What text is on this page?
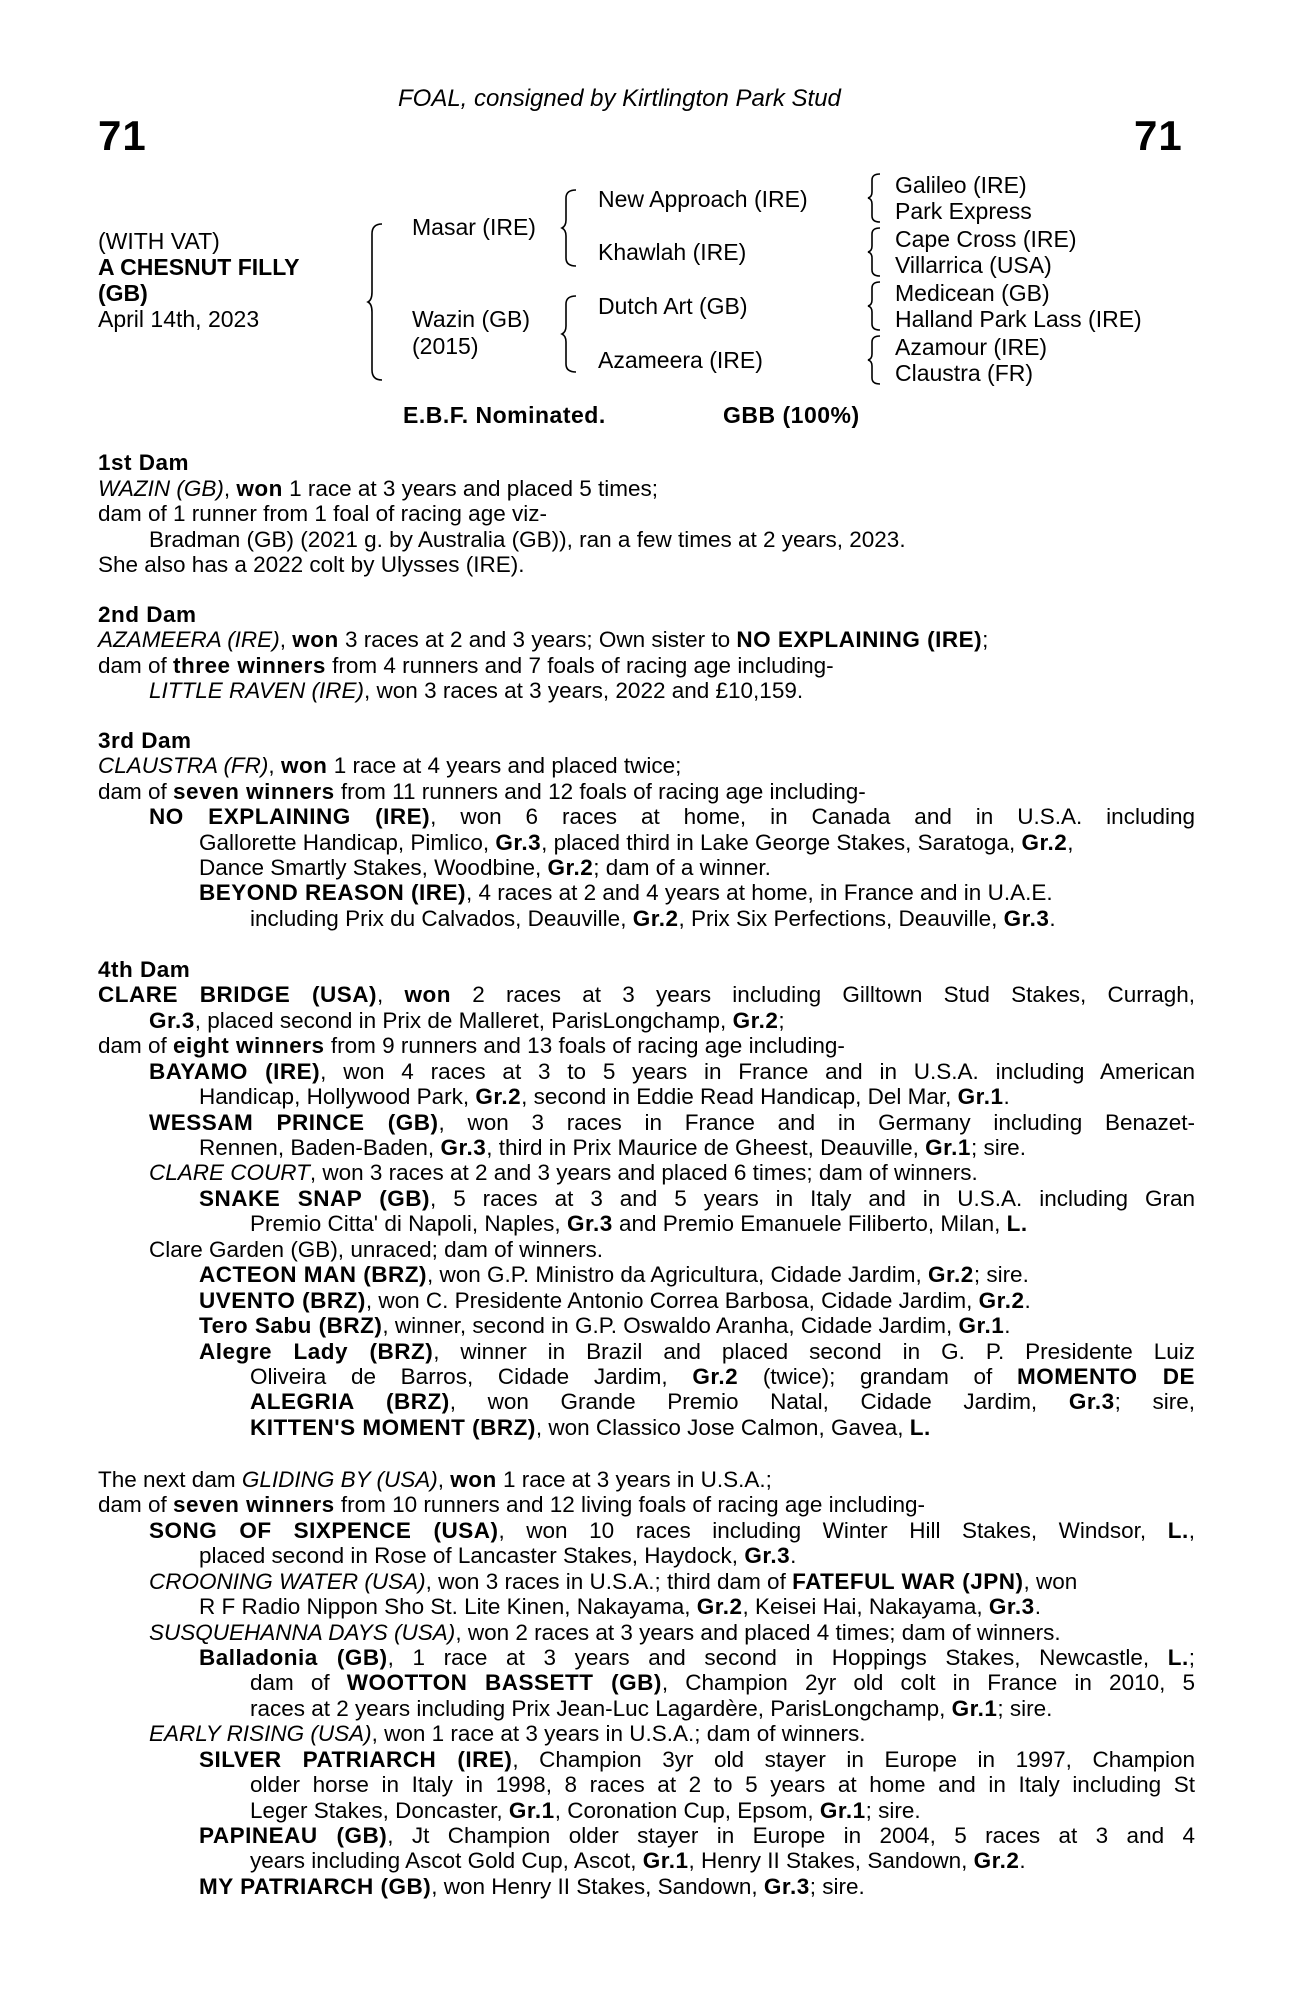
71	71
FOAL, consigned by Kirtlington Park Stud
(WITH VAT)
A CHESNUT FILLY
(GB)
April 14th, 2023
Masar (IRE)
Wazin (GB)
(2015)
New Approach (IRE)
Khawlah (IRE)
Dutch Art (GB)
Azameera (IRE)
Galileo (IRE)
Park Express
Cape Cross (IRE)
Villarrica (USA)
Medicean (GB)
Halland Park Lass (IRE)
Azamour (IRE)
Claustra (FR)
E.B.F. Nominated.	GBB (100%)
1st Dam
WAZIN (GB), won 1 race at 3 years and placed 5 times;
dam of 1 runner from 1 foal of racing age viz-
Bradman (GB) (2021 g. by Australia (GB)), ran a few times at 2 years, 2023.
She also has a 2022 colt by Ulysses (IRE).
2nd Dam
AZAMEERA (IRE), won 3 races at 2 and 3 years; Own sister to NO EXPLAINING (IRE);
dam of three winners from 4 runners and 7 foals of racing age including-
LITTLE RAVEN (IRE), won 3 races at 3 years, 2022 and £10,159.
3rd Dam
CLAUSTRA (FR), won 1 race at 4 years and placed twice;
dam of seven winners from 11 runners and 12 foals of racing age including-
NO EXPLAINING (IRE), won 6 races at home, in Canada and in U.S.A. including
Gallorette Handicap, Pimlico, Gr.3, placed third in Lake George Stakes, Saratoga, Gr.2,
Dance Smartly Stakes, Woodbine, Gr.2; dam of a winner.
BEYOND REASON (IRE), 4 races at 2 and 4 years at home, in France and in U.A.E.
including Prix du Calvados, Deauville, Gr.2, Prix Six Perfections, Deauville, Gr.3.
4th Dam
CLARE BRIDGE (USA), won 2 races at 3 years including Gilltown Stud Stakes, Curragh,
Gr.3, placed second in Prix de Malleret, ParisLongchamp, Gr.2;
dam of eight winners from 9 runners and 13 foals of racing age including-
BAYAMO (IRE), won 4 races at 3 to 5 years in France and in U.S.A. including American
Handicap, Hollywood Park, Gr.2, second in Eddie Read Handicap, Del Mar, Gr.1.
WESSAM PRINCE (GB), won 3 races in France and in Germany including Benazet-
Rennen, Baden-Baden, Gr.3, third in Prix Maurice de Gheest, Deauville, Gr.1; sire.
CLARE COURT, won 3 races at 2 and 3 years and placed 6 times; dam of winners.
SNAKE SNAP (GB), 5 races at 3 and 5 years in Italy and in U.S.A. including Gran
Premio Citta' di Napoli, Naples, Gr.3 and Premio Emanuele Filiberto, Milan, L.
Clare Garden (GB), unraced; dam of winners.
ACTEON MAN (BRZ), won G.P. Ministro da Agricultura, Cidade Jardim, Gr.2; sire.
UVENTO (BRZ), won C. Presidente Antonio Correa Barbosa, Cidade Jardim, Gr.2.
Tero Sabu (BRZ), winner, second in G.P. Oswaldo Aranha, Cidade Jardim, Gr.1.
Alegre Lady (BRZ), winner in Brazil and placed second in G. P. Presidente Luiz
Oliveira de Barros, Cidade Jardim, Gr.2 (twice); grandam of MOMENTO DE
ALEGRIA (BRZ), won Grande Premio Natal, Cidade Jardim, Gr.3; sire,
KITTEN'S MOMENT (BRZ), won Classico Jose Calmon, Gavea, L.
The next dam GLIDING BY (USA), won 1 race at 3 years in U.S.A.;
dam of seven winners from 10 runners and 12 living foals of racing age including-
SONG OF SIXPENCE (USA), won 10 races including Winter Hill Stakes, Windsor, L.,
placed second in Rose of Lancaster Stakes, Haydock, Gr.3.
CROONING WATER (USA), won 3 races in U.S.A.; third dam of FATEFUL WAR (JPN), won
R F Radio Nippon Sho St. Lite Kinen, Nakayama, Gr.2, Keisei Hai, Nakayama, Gr.3.
SUSQUEHANNA DAYS (USA), won 2 races at 3 years and placed 4 times; dam of winners.
Balladonia (GB), 1 race at 3 years and second in Hoppings Stakes, Newcastle, L.;
dam of WOOTTON BASSETT (GB), Champion 2yr old colt in France in 2010, 5
races at 2 years including Prix Jean-Luc Lagardère, ParisLongchamp, Gr.1; sire.
EARLY RISING (USA), won 1 race at 3 years in U.S.A.; dam of winners.
SILVER PATRIARCH (IRE), Champion 3yr old stayer in Europe in 1997, Champion
older horse in Italy in 1998, 8 races at 2 to 5 years at home and in Italy including St
Leger Stakes, Doncaster, Gr.1, Coronation Cup, Epsom, Gr.1; sire.
PAPINEAU (GB), Jt Champion older stayer in Europe in 2004, 5 races at 3 and 4
years including Ascot Gold Cup, Ascot, Gr.1, Henry II Stakes, Sandown, Gr.2.
MY PATRIARCH (GB), won Henry II Stakes, Sandown, Gr.3; sire.
